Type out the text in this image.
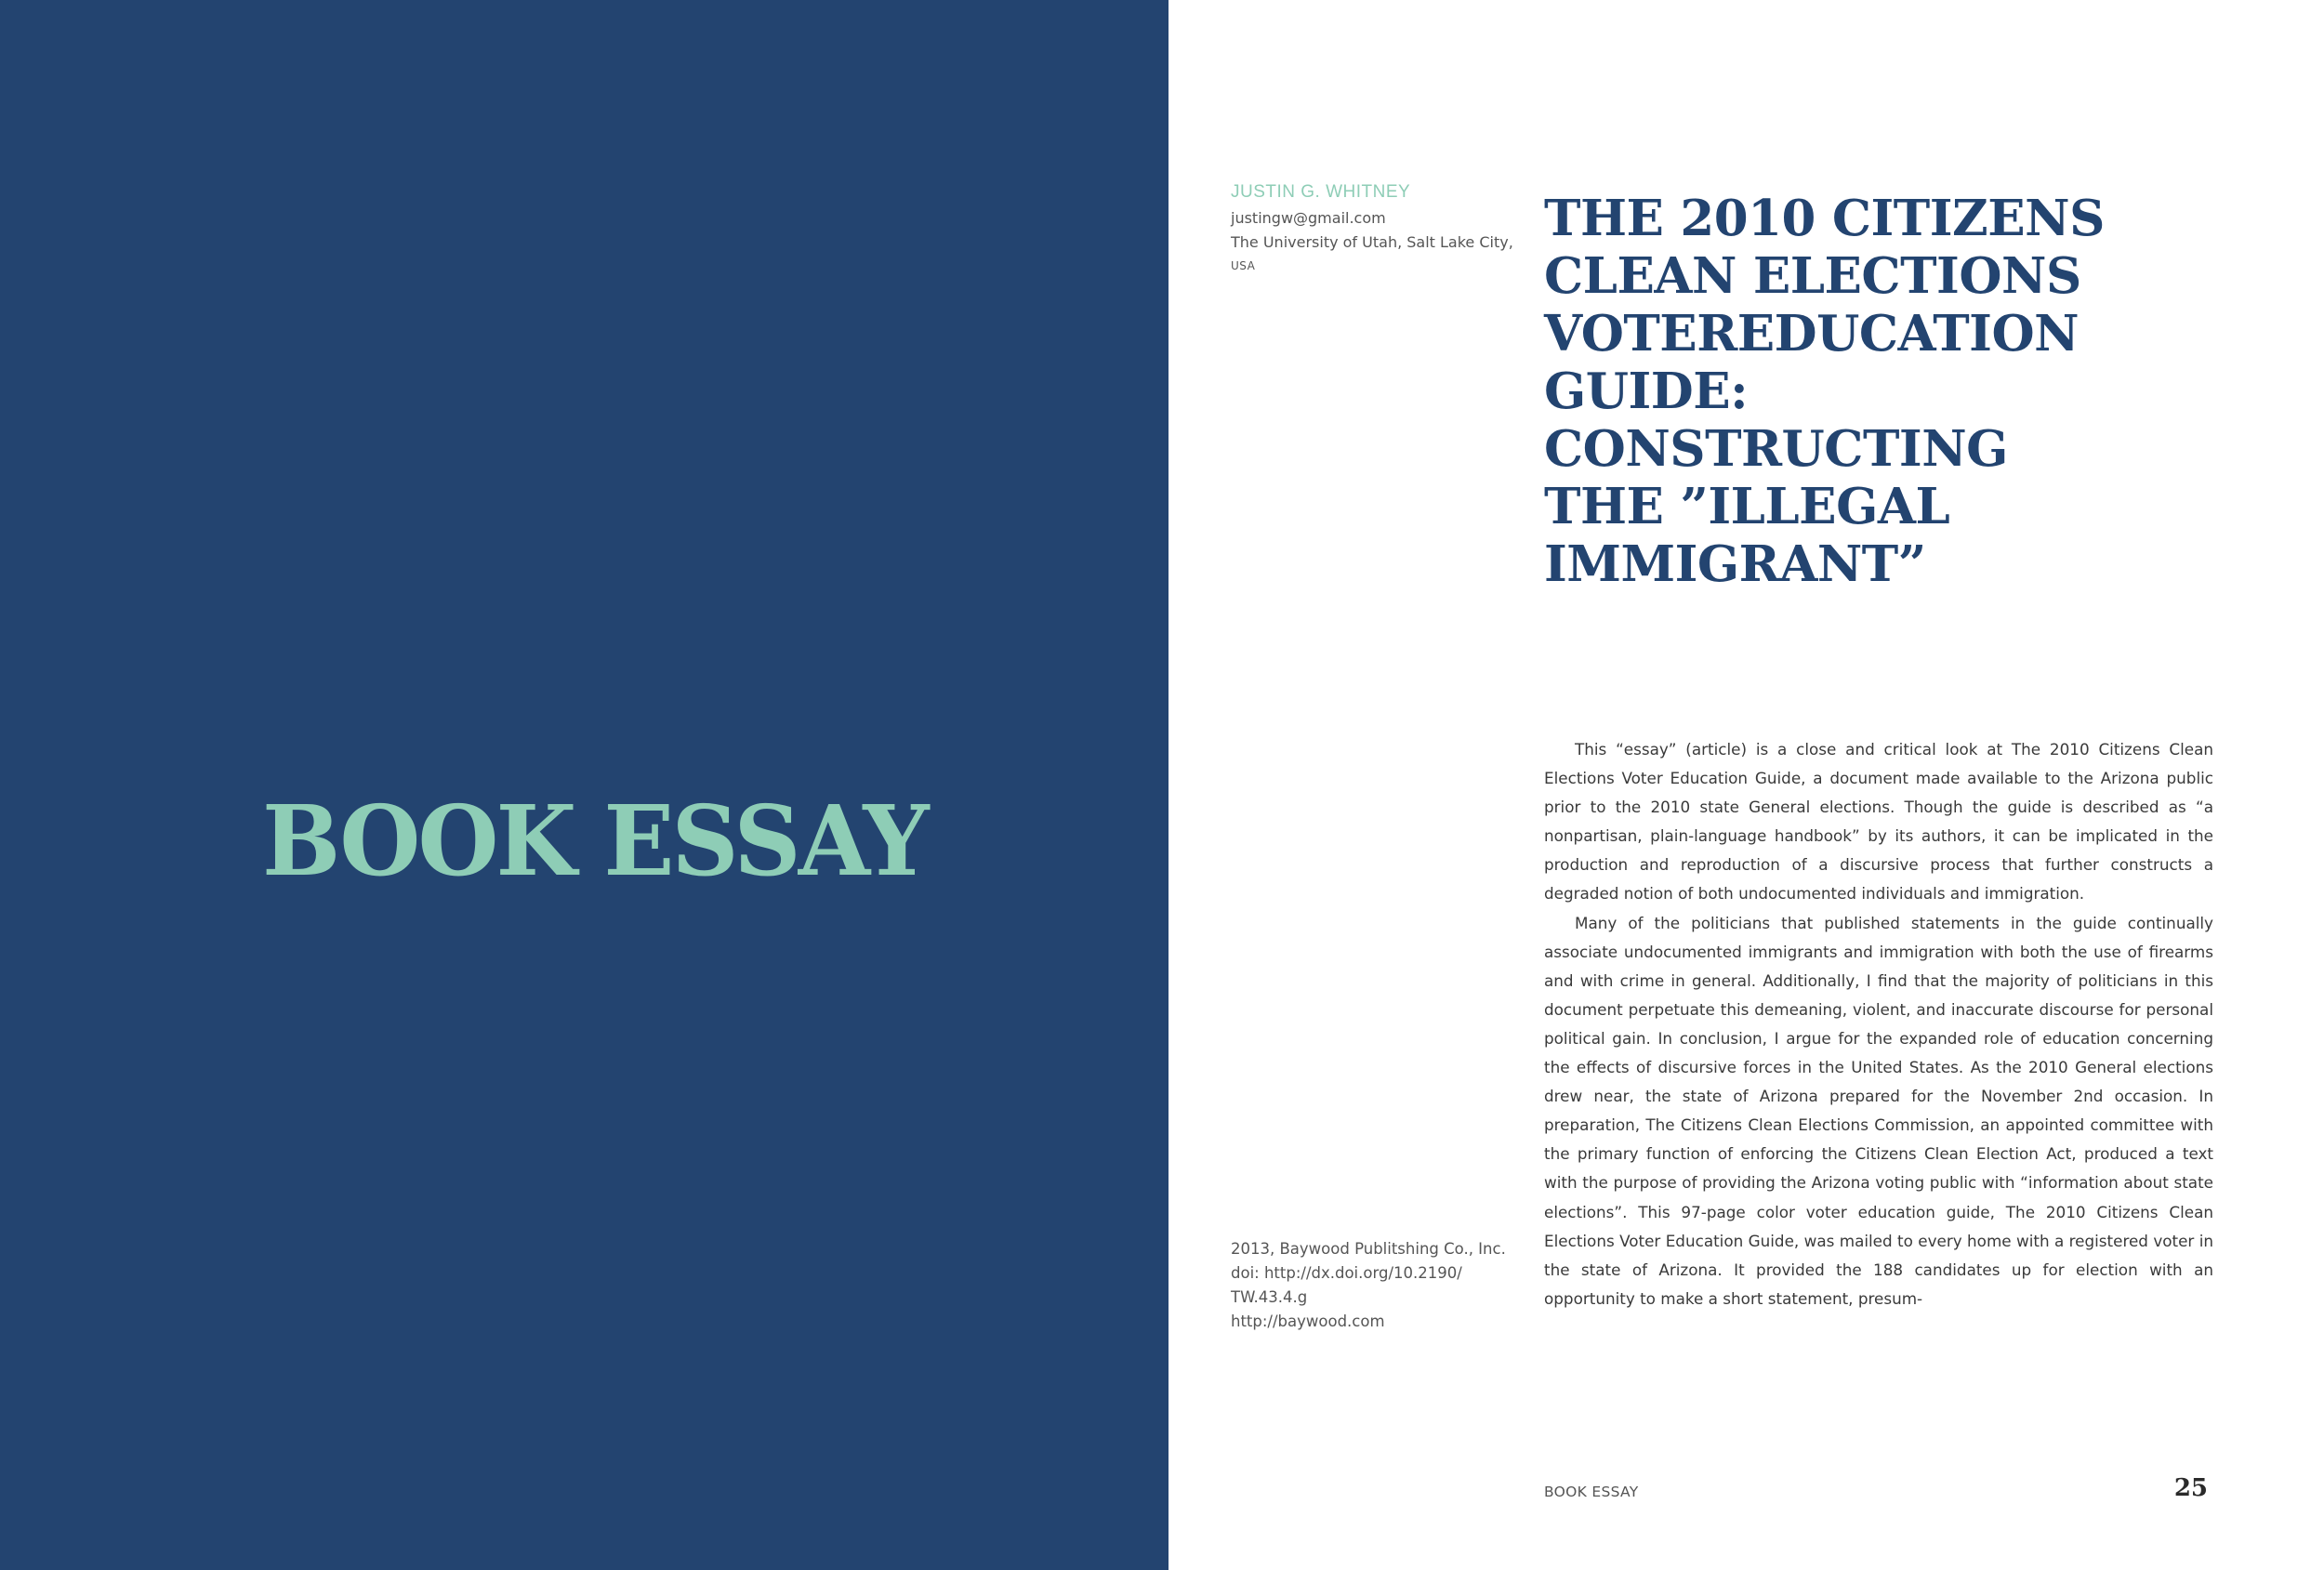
BOOK ESSAY

JUSTIN G. WHITNEY

justingw@gmail.com

The University of Utah, Salt Lake City,

USA

THE 2010 CITIZENS
CLEAN ELECTIONS
VOTEREDUCATION
GUIDE: CONSTRUCTING
THE ”ILLEGAL
IMMIGRANT”

This “essay” (article) is a close and critical look at The 2010 Citizens Clean Elections Voter Education Guide, a document made available to the Arizona public prior to the 2010 state General elections. Though the guide is described as “a nonpartisan, plain-language handbook” by its authors, it can be implicated in the production and reproduction of a discursive process that further constructs a degraded notion of both undocumented individuals and immigration.

Many of the politicians that published statements in the guide continually associate undocumented immigrants and immigration with both the use of firearms and with crime in general. Additionally, I find that the majority of politicians in this document perpetuate this demeaning, violent, and inaccurate discourse for personal political gain. In conclusion, I argue for the expanded role of education concerning the effects of discursive forces in the United States. As the 2010 General elections drew near, the state of Arizona prepared for the November 2nd occasion. In preparation, The Citizens Clean Elections Commission, an appointed committee with the primary function of enforcing the Citizens Clean Election Act, produced a text with the purpose of providing the Arizona voting public with “information about state elections”. This 97-page color voter education guide, The 2010 Citizens Clean Elections Voter Education Guide, was mailed to every home with a registered voter in the state of Arizona. It provided the 188 candidates up for election with an opportunity to make a short statement, presum-

2013, Baywood Publitshing Co., Inc.

doi: http://dx.doi.org/10.2190/

TW.43.4.g

http://baywood.com

BOOK ESSAY	25
